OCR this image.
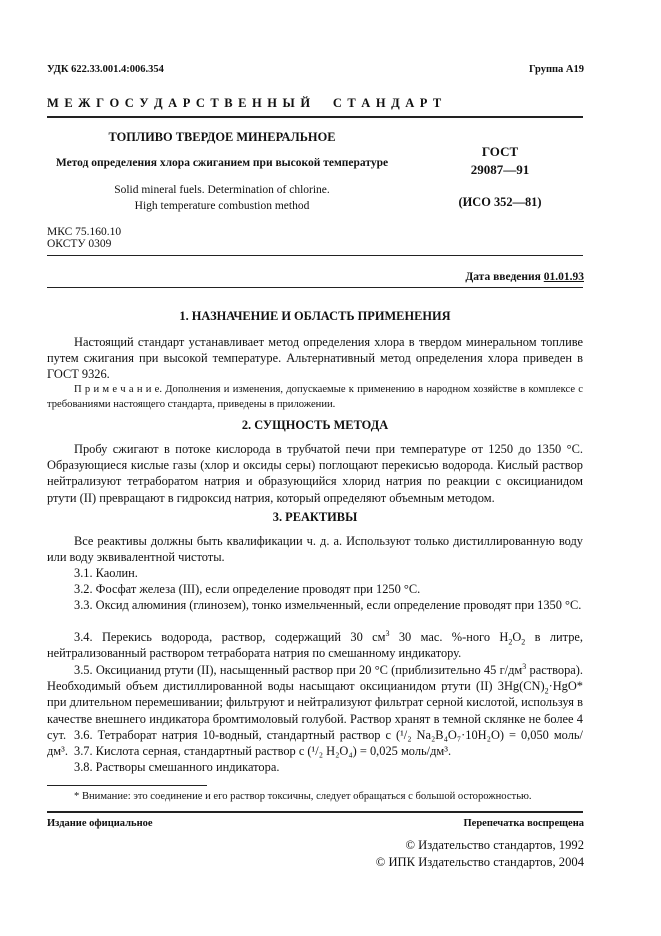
УДК 622.33.001.4:006.354	Группа А19
М Е Ж Г О С У Д А Р С Т В Е Н Н Ы Й     С Т А Н Д А Р Т
ТОПЛИВО ТВЕРДОЕ МИНЕРАЛЬНОЕ
Метод определения хлора сжиганием при высокой температуре
Solid mineral fuels. Determination of chlorine.
High temperature combustion method
ГОСТ
29087—91
(ИСО 352—81)
МКС 75.160.10
ОКСТУ 0309
Дата введения 01.01.93
1. НАЗНАЧЕНИЕ И ОБЛАСТЬ ПРИМЕНЕНИЯ
Настоящий стандарт устанавливает метод определения хлора в твердом минеральном топливе путем сжигания при высокой температуре. Альтернативный метод определения хлора приведен в ГОСТ 9326.
П р и м е ч а н и е. Дополнения и изменения, допускаемые к применению в народном хозяйстве в комплексе с требованиями настоящего стандарта, приведены в приложении.
2. СУЩНОСТЬ МЕТОДА
Пробу сжигают в потоке кислорода в трубчатой печи при температуре от 1250 до 1350 °С. Образующиеся кислые газы (хлор и оксиды серы) поглощают перекисью водорода. Кислый раствор нейтрализуют тетраборатом натрия и образующийся хлорид натрия по реакции с оксицианидом ртути (II) превращают в гидроксид натрия, который определяют объемным методом.
3. РЕАКТИВЫ
Все реактивы должны быть квалификации ч. д. а. Используют только дистиллированную воду или воду эквивалентной чистоты.
3.1. Каолин.
3.2. Фосфат железа (III), если определение проводят при 1250 °С.
3.3. Оксид алюминия (глинозем), тонко измельченный, если определение проводят при 1350 °С.
3.4. Перекись водорода, раствор, содержащий 30 $см^3$ 30 мас. %-ного $H_2O_2$ в литре, нейтрализованный раствором тетрабората натрия по смешанному индикатору.
3.5. Оксицианид ртути (II), насыщенный раствор при 20 °С (приблизительно 45 $г/дм^3$ раствора). Необходимый объем дистиллированной воды насыщают оксицианидом ртути (II) $3Hg(CN)_2\cdot HgO*$ при длительном перемешивании; фильтруют и нейтрализуют фильтрат серной кислотой, используя в качестве внешнего индикатора бромтимоловый голубой. Раствор хранят в темной склянке не более 4 сут. 3.6. Тетраборат натрия 10-водный, стандартный раствор c (¹/₂ Na₂B₄O₇·10H₂O) = 0,050 моль/дм³. 3.7. Кислота серная, стандартный раствор c (¹/₂ H₂O₄) = 0,025 моль/дм³.
3.8. Растворы смешанного индикатора.
* Внимание: это соединение и его раствор токсичны, следует обращаться с большой осторожностью.
Издание официальное	Перепечатка воспрещена
© Издательство стандартов, 1992
© ИПК Издательство стандартов, 2004
